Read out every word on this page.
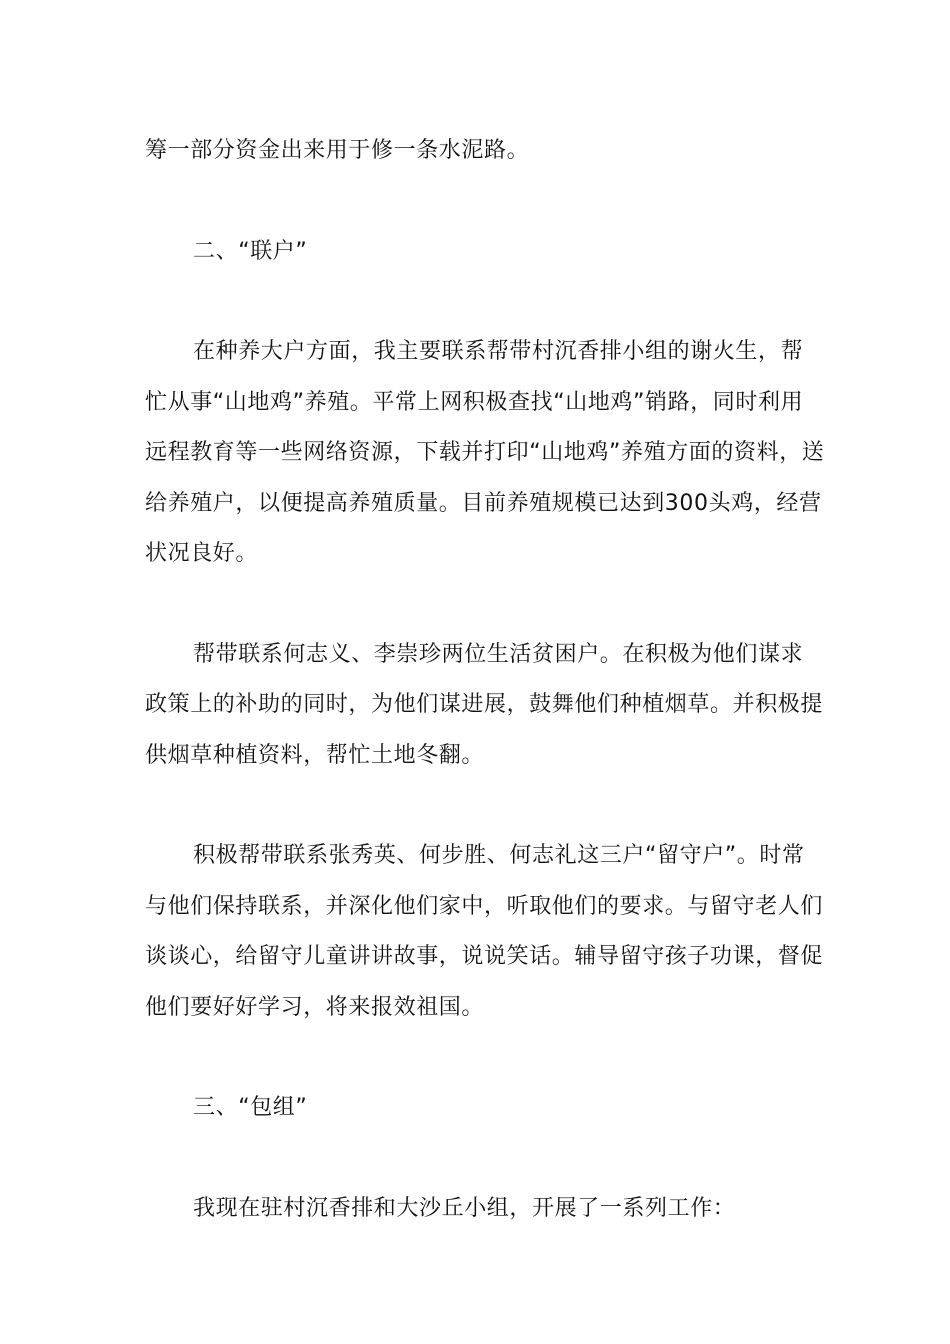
筹一部分资金出来用于修一条水泥路。

二、“联户”

在种养大户方面，我主要联系帮带村沉香排小组的谢火生，帮忙从事“山地鸡”养殖。平常上网积极查找“山地鸡”销路，同时利用远程教育等一些网络资源，下载并打印“山地鸡”养殖方面的资料，送给养殖户，以便提高养殖质量。目前养殖规模已达到300头鸡，经营状况良好。

帮带联系何志义、李崇珍两位生活贫困户。在积极为他们谋求政策上的补助的同时，为他们谋进展，鼓舞他们种植烟草。并积极提供烟草种植资料，帮忙土地冬翻。

积极帮带联系张秀英、何步胜、何志礼这三户“留守户”。时常与他们保持联系，并深化他们家中，听取他们的要求。与留守老人们谈谈心，给留守儿童讲讲故事，说说笑话。辅导留守孩子功课，督促他们要好好学习，将来报效祖国。

三、“包组”

我现在驻村沉香排和大沙丘小组，开展了一系列工作：
